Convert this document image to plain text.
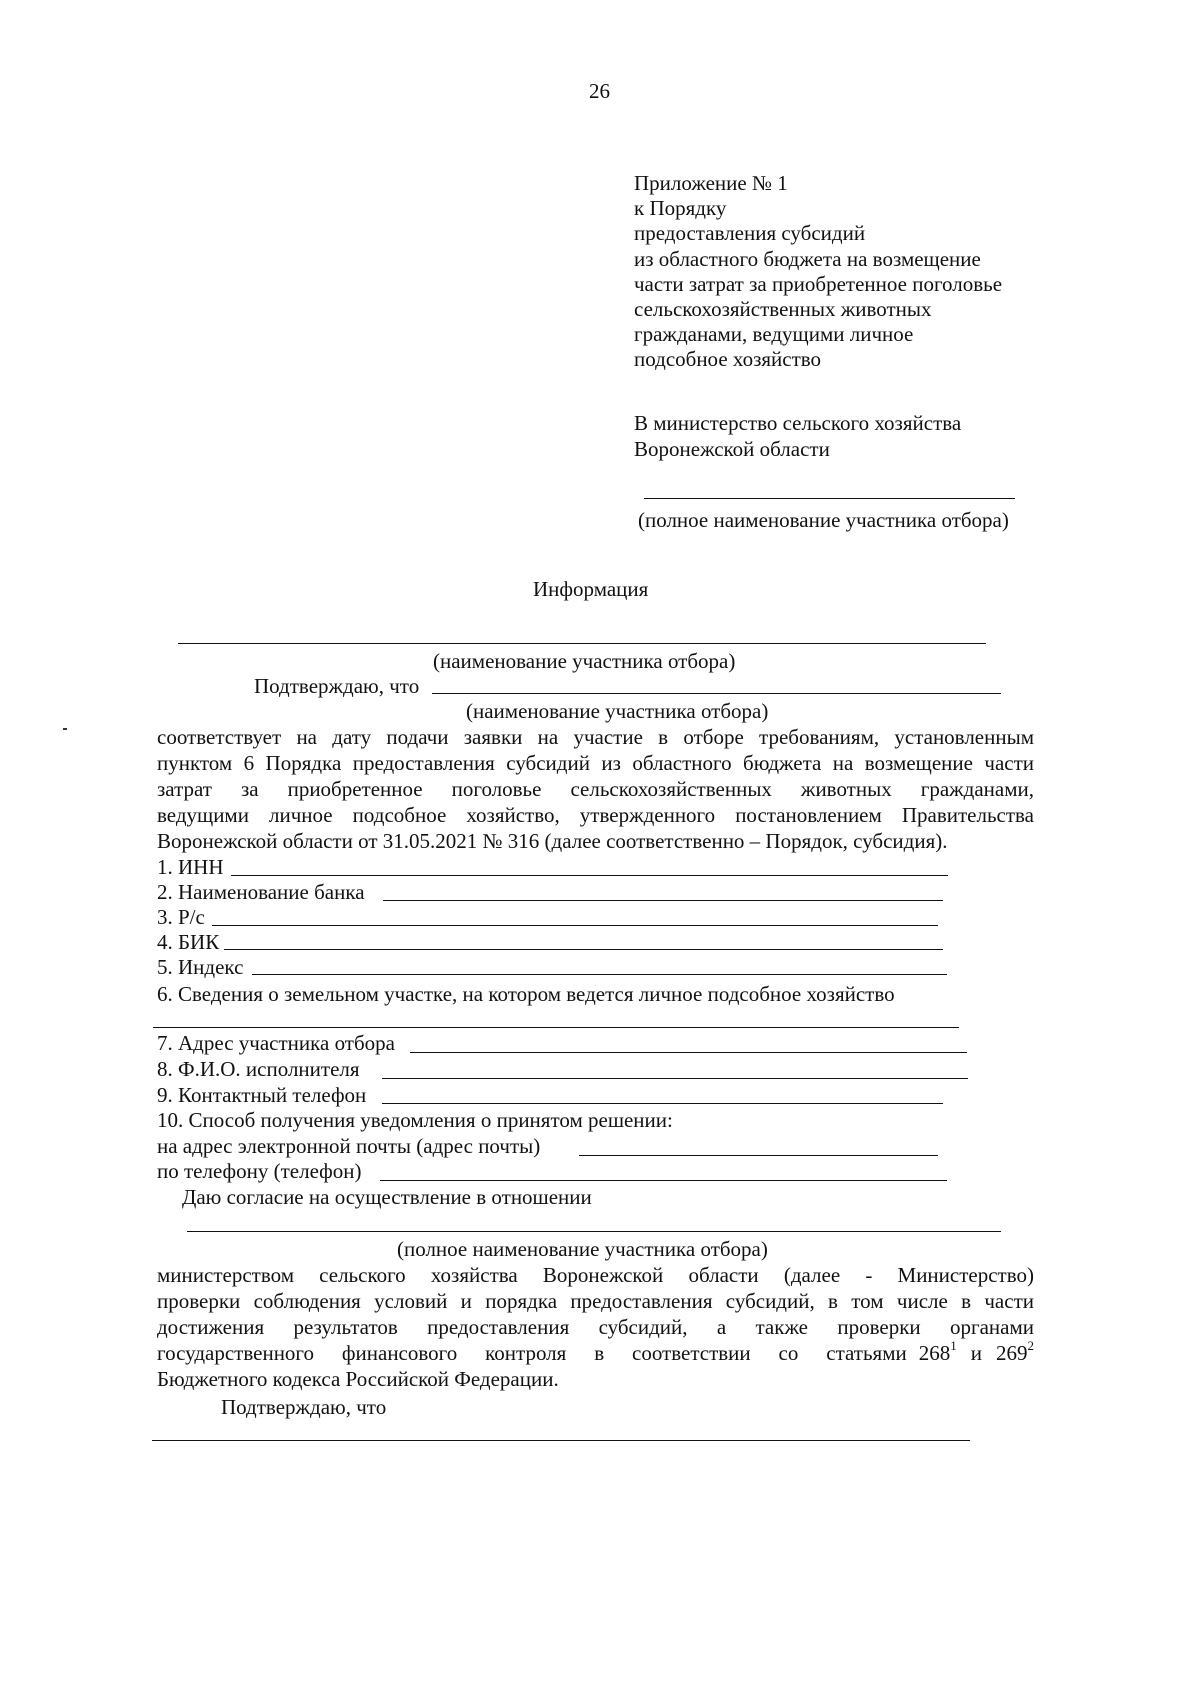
26
Приложение № 1
к Порядку
предоставления субсидий
из областного бюджета на возмещение
части затрат за приобретенное поголовье
сельскохозяйственных животных
гражданами, ведущими личное
подсобное хозяйство
В министерство сельского хозяйства
Воронежской области
(полное наименование участника отбора)
Информация
(наименование участника отбора)
Подтверждаю, что
(наименование участника отбора)
соответствует на дату подачи заявки на участие в отборе требованиям, установленным
пунктом 6 Порядка предоставления субсидий из областного бюджета на возмещение части
затрат за приобретенное поголовье сельскохозяйственных животных гражданами,
ведущими личное подсобное хозяйство, утвержденного постановлением Правительства
Воронежской области от 31.05.2021 № 316 (далее соответственно – Порядок, субсидия).
1. ИНН
2. Наименование банка
3. Р/с
4. БИК
5. Индекс
6. Сведения о земельном участке, на котором ведется личное подсобное хозяйство
7. Адрес участника отбора
8. Ф.И.О. исполнителя
9. Контактный телефон
10. Способ получения уведомления о принятом решении:
на адрес электронной почты (адрес почты)
по телефону (телефон)
Даю согласие на осуществление в отношении
(полное наименование участника отбора)
министерством сельского хозяйства Воронежской области (далее - Министерство)
проверки соблюдения условий и порядка предоставления субсидий, в том числе в части
достижения результатов предоставления субсидий, а также проверки органами
государственного финансового контроля в соответствии со статьями $268^1$ и $269^2$
Бюджетного кодекса Российской Федерации.
Подтверждаю, что
